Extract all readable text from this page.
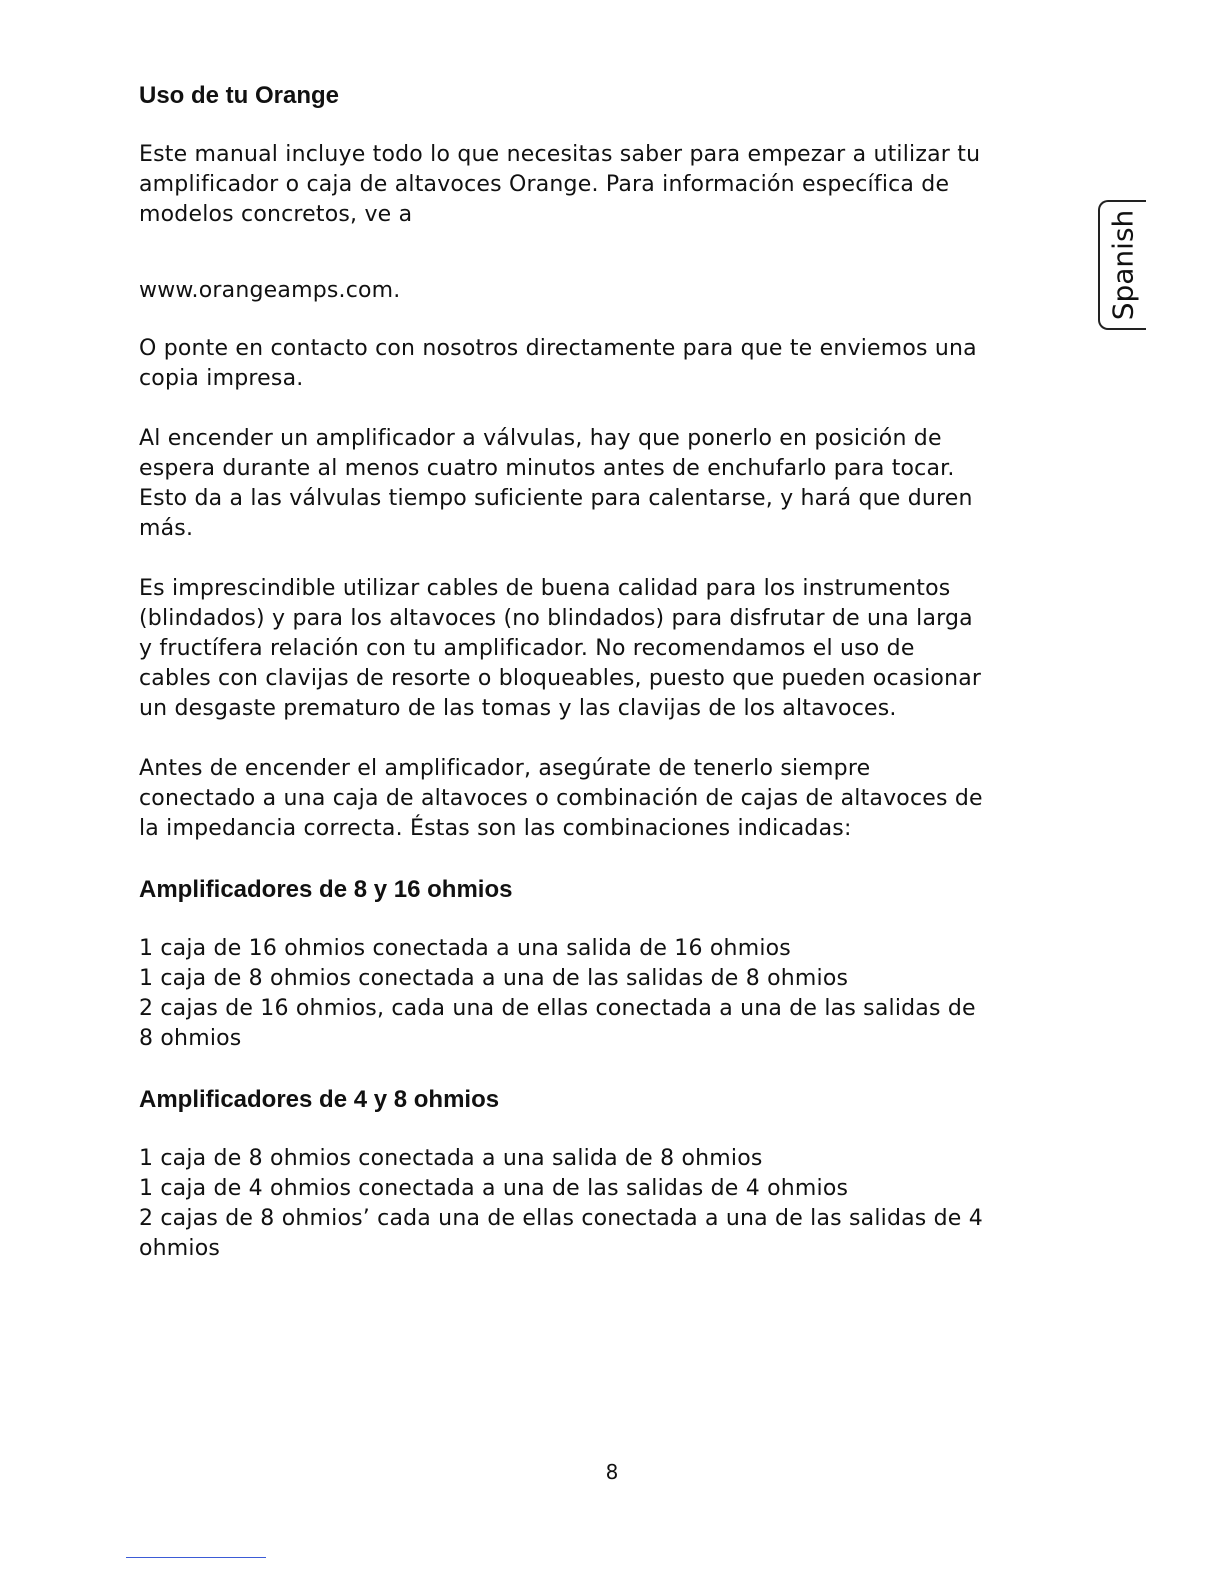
Spanish
Uso de tu Orange

Este manual incluye todo lo que necesitas saber para empezar a utilizar tu amplificador o caja de altavoces Orange. Para información específica de modelos concretos, ve a

www.orangeamps.com.

O ponte en contacto con nosotros directamente para que te enviemos una copia impresa.

Al encender un amplificador a válvulas, hay que ponerlo en posición de espera durante al menos cuatro minutos antes de enchufarlo para tocar. Esto da a las válvulas tiempo suficiente para calentarse, y hará que duren más.

Es imprescindible utilizar cables de buena calidad para los instrumentos (blindados) y para los altavoces (no blindados) para disfrutar de una larga y fructífera relación con tu amplificador. No recomendamos el uso de cables con clavijas de resorte o bloqueables, puesto que pueden ocasionar un desgaste prematuro de las tomas y las clavijas de los altavoces.

Antes de encender el amplificador, asegúrate de tenerlo siempre conectado a una caja de altavoces o combinación de cajas de altavoces de la impedancia correcta. Éstas son las combinaciones indicadas:

Amplificadores de 8 y 16 ohmios

1 caja de 16 ohmios conectada a una salida de 16 ohmios

1 caja de 8 ohmios conectada a una de las salidas de 8 ohmios

2 cajas de 16 ohmios, cada una de ellas conectada a una de las salidas de 8 ohmios

Amplificadores de 4 y 8 ohmios

1 caja de 8 ohmios conectada a una salida de 8 ohmios

1 caja de 4 ohmios conectada a una de las salidas de 4 ohmios

2 cajas de 8 ohmios’ cada una de ellas conectada a una de las salidas de 4 ohmios

8
